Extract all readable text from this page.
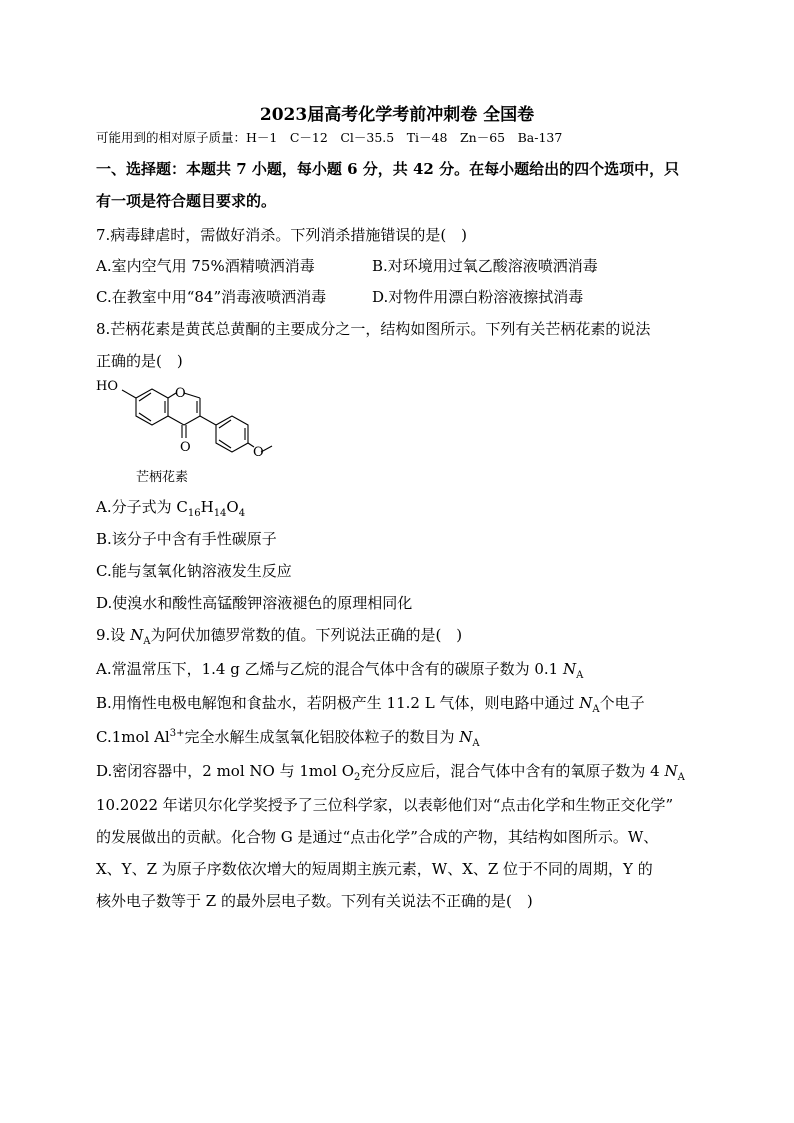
2023届高考化学考前冲刺卷 全国卷
可能用到的相对原子质量：H－1　C－12　Cl－35.5　Ti－48　Zn－65　Ba-137
一、选择题：本题共 7 小题，每小题 6 分，共 42 分。在每小题给出的四个选项中，只
有一项是符合题目要求的。
7.病毒肆虐时，需做好消杀。下列消杀措施错误的是(　)
A.室内空气用 75%酒精喷洒消毒	B.对环境用过氧乙酸溶液喷洒消毒
C.在教室中用“84”消毒液喷洒消毒	D.对物件用漂白粉溶液擦拭消毒
8.芒柄花素是黄芪总黄酮的主要成分之一，结构如图所示。下列有关芒柄花素的说法
正确的是(　)
HO	O
O	O
芒柄花素
A.分子式为 $C_{16}H_{14}O_4$
B.该分子中含有手性碳原子
C.能与氢氧化钠溶液发生反应
D.使溴水和酸性高锰酸钾溶液褪色的原理相同化
9.设 $N_A$为阿伏加德罗常数的值。下列说法正确的是(　)
A.常温常压下，1.4 g 乙烯与乙烷的混合气体中含有的碳原子数为 0.1 $N_A$
B.用惰性电极电解饱和食盐水，若阴极产生 11.2 L 气体，则电路中通过 $N_A$个电子
C.1mol $Al^{3+}$完全水解生成氢氧化铝胶体粒子的数目为 $N_A$
D.密闭容器中，2 mol NO 与 1mol $O_2$充分反应后，混合气体中含有的氧原子数为 4 $N_A$
10.2022 年诺贝尔化学奖授予了三位科学家，以表彰他们对“点击化学和生物正交化学”
的发展做出的贡献。化合物 G 是通过“点击化学”合成的产物，其结构如图所示。W、
X、Y、Z 为原子序数依次增大的短周期主族元素，W、X、Z 位于不同的周期，Y 的
核外电子数等于 Z 的最外层电子数。下列有关说法不正确的是(　)
